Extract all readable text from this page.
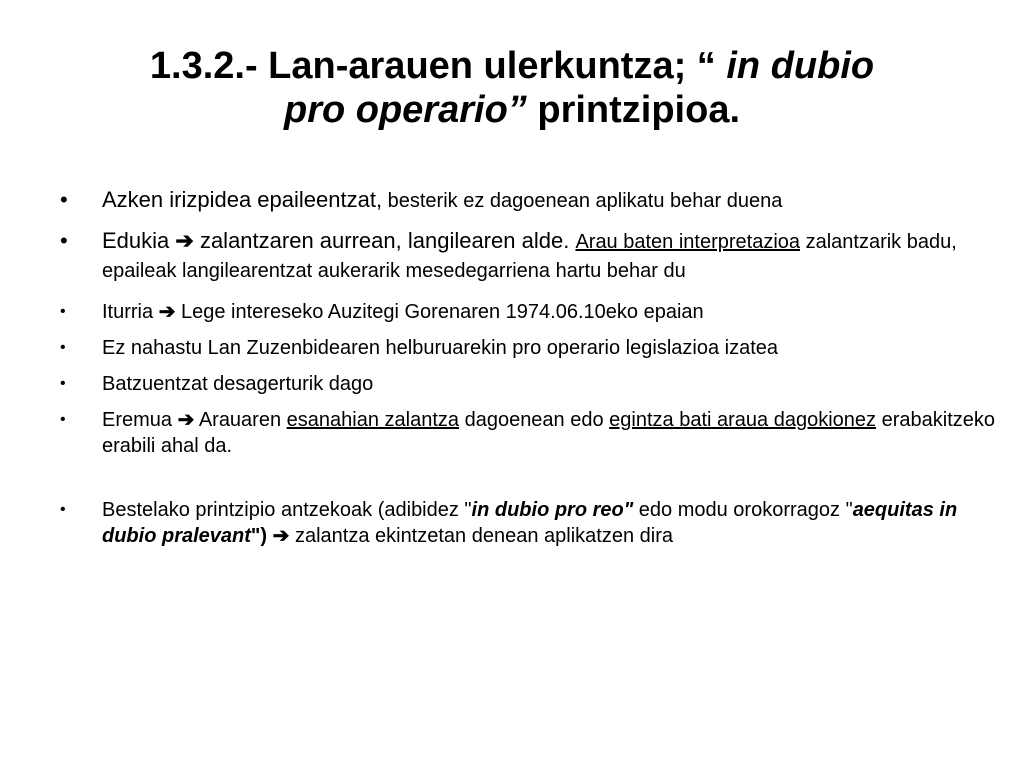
1.3.2.- Lan-arauen ulerkuntza; “ in dubio
pro operario” printzipioa.
• Azken irizpidea epaileentzat, besterik ez dagoenean aplikatu behar duena
• Edukia ➔ zalantzaren aurrean, langilearen alde. Arau baten interpretazioa zalantzarik badu, epaileak langilearentzat aukerarik mesedegarriena hartu behar du
• Iturria ➔ Lege intereseko Auzitegi Gorenaren 1974.06.10eko epaian
• Ez nahastu Lan Zuzenbidearen helburuarekin pro operario legislazioa izatea
• Batzuentzat desagerturik dago
• Eremua ➔ Arauaren esanahian zalantza dagoenean edo egintza bati araua dagokionez erabakitzeko erabili ahal da.
• Bestelako printzipio antzekoak (adibidez "in dubio pro reo" edo modu orokorragoz "aequitas in dubio pralevant") ➔ zalantza ekintzetan denean aplikatzen dira
